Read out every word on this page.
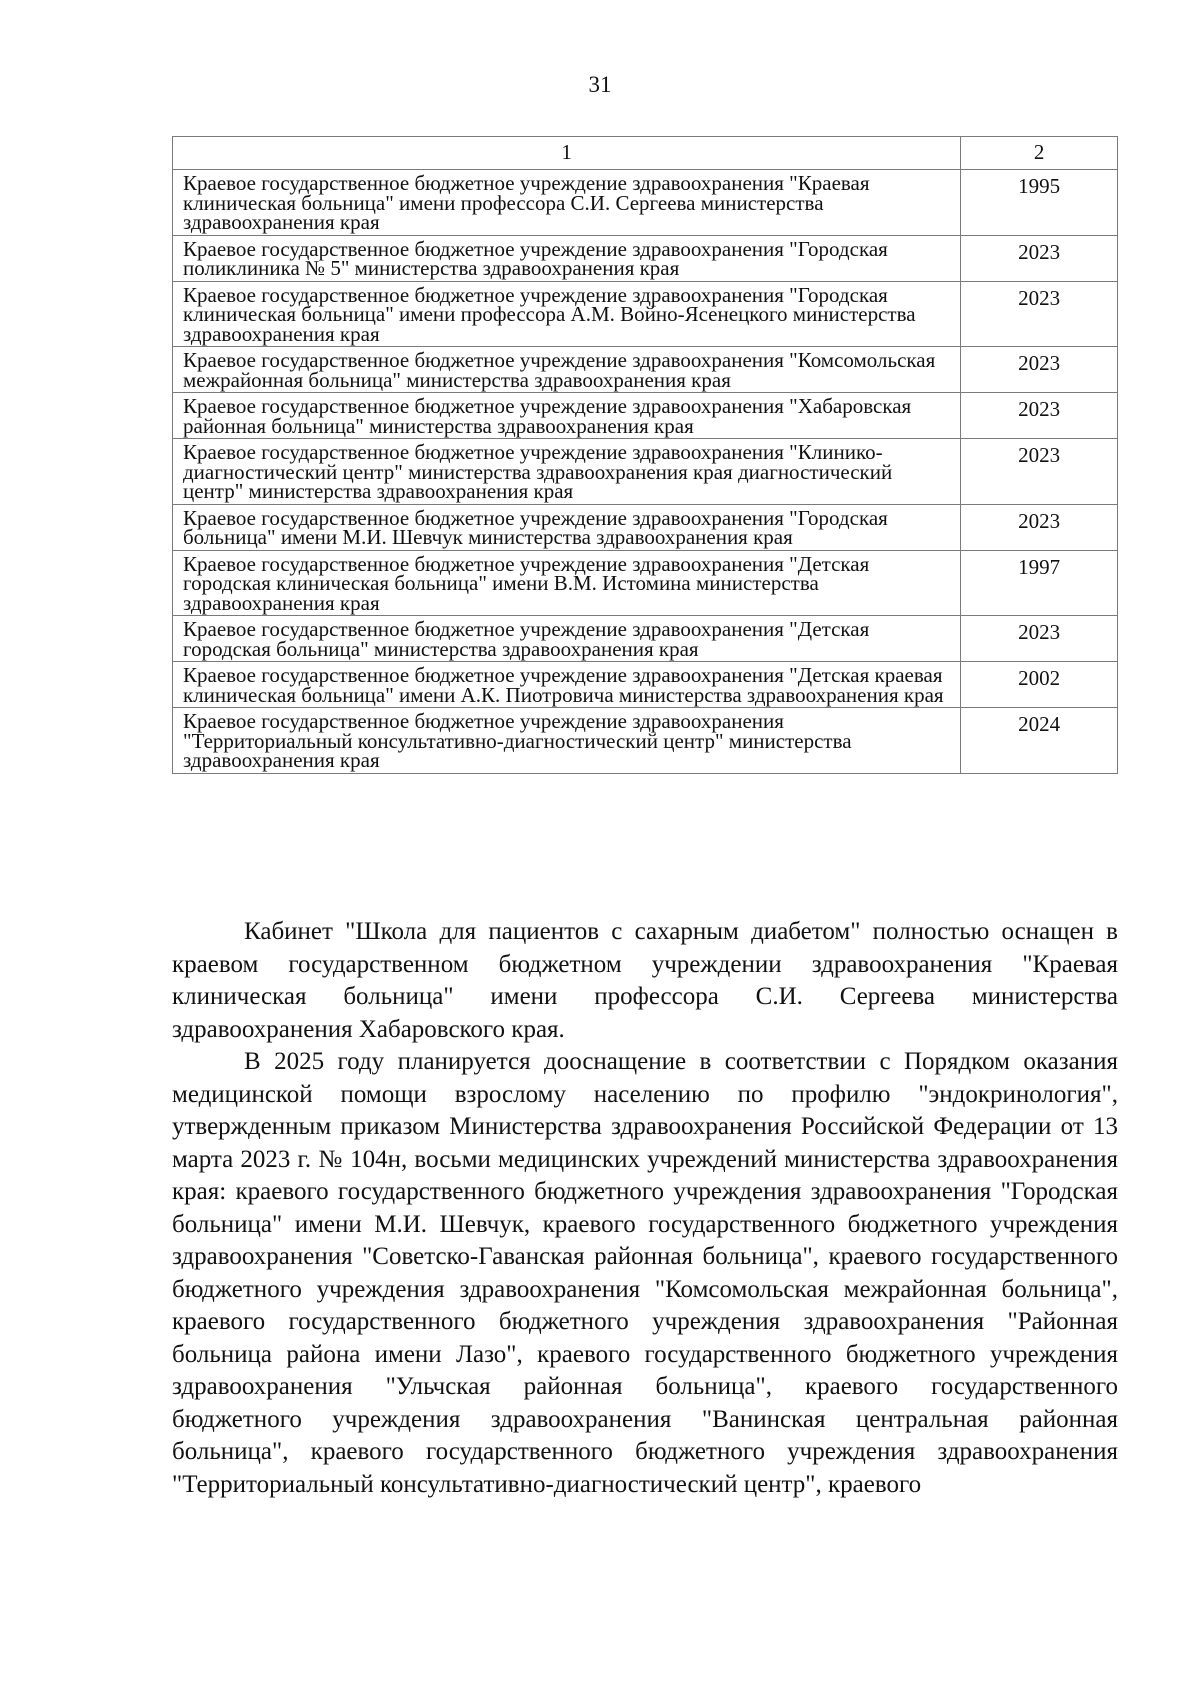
31
1	2
Краевое государственное бюджетное учреждение здравоохранения "Краевая клиническая больница" имени профессора С.И. Сергеева министерства здравоохранения края	1995
Краевое государственное бюджетное учреждение здравоохранения "Городская поликлиника № 5" министерства здравоохранения края	2023
Краевое государственное бюджетное учреждение здравоохранения "Городская клиническая больница" имени профессора А.М. Войно-Ясенецкого министерства здравоохранения края	2023
Краевое государственное бюджетное учреждение здравоохранения "Комсомольская межрайонная больница" министерства здравоохранения края	2023
Краевое государственное бюджетное учреждение здравоохранения "Хабаровская районная больница" министерства здравоохранения края	2023
Краевое государственное бюджетное учреждение здравоохранения "Клинико-диагностический центр" министерства здравоохранения края диагностический центр" министерства здравоохранения края	2023
Краевое государственное бюджетное учреждение здравоохранения "Городская больница" имени М.И. Шевчук министерства здравоохранения края	2023
Краевое государственное бюджетное учреждение здравоохранения "Детская городская клиническая больница" имени В.М. Истомина министерства здравоохранения края	1997
Краевое государственное бюджетное учреждение здравоохранения "Детская городская больница" министерства здравоохранения края	2023
Краевое государственное бюджетное учреждение здравоохранения "Детская краевая клиническая больница" имени А.К. Пиотровича министерства здравоохранения края	2002
Краевое государственное бюджетное учреждение здравоохранения "Территориальный консультативно-диагностический центр" министерства здравоохранения края	2024

Кабинет "Школа для пациентов с сахарным диабетом" полностью оснащен в краевом государственном бюджетном учреждении здравоохранения "Краевая клиническая больница" имени профессора С.И. Сергеева министерства здравоохранения Хабаровского края.

В 2025 году планируется дооснащение в соответствии с Порядком оказания медицинской помощи взрослому населению по профилю "эндокринология", утвержденным приказом Министерства здравоохранения Российской Федерации от 13 марта 2023 г. № 104н, восьми медицинских учреждений министерства здравоохранения края: краевого государственного бюджетного учреждения здравоохранения "Городская больница" имени М.И. Шевчук, краевого государственного бюджетного учреждения здравоохранения "Советско-Гаванская районная больница", краевого государственного бюджетного учреждения здравоохранения "Комсомольская межрайонная больница", краевого государственного бюджетного учреждения здравоохранения "Районная больница района имени Лазо", краевого государственного бюджетного учреждения здравоохранения "Ульчская районная больница", краевого государственного бюджетного учреждения здравоохранения "Ванинская центральная районная больница", краевого государственного бюджетного учреждения здравоохранения "Территориальный консультативно-диагностический центр", краевого
